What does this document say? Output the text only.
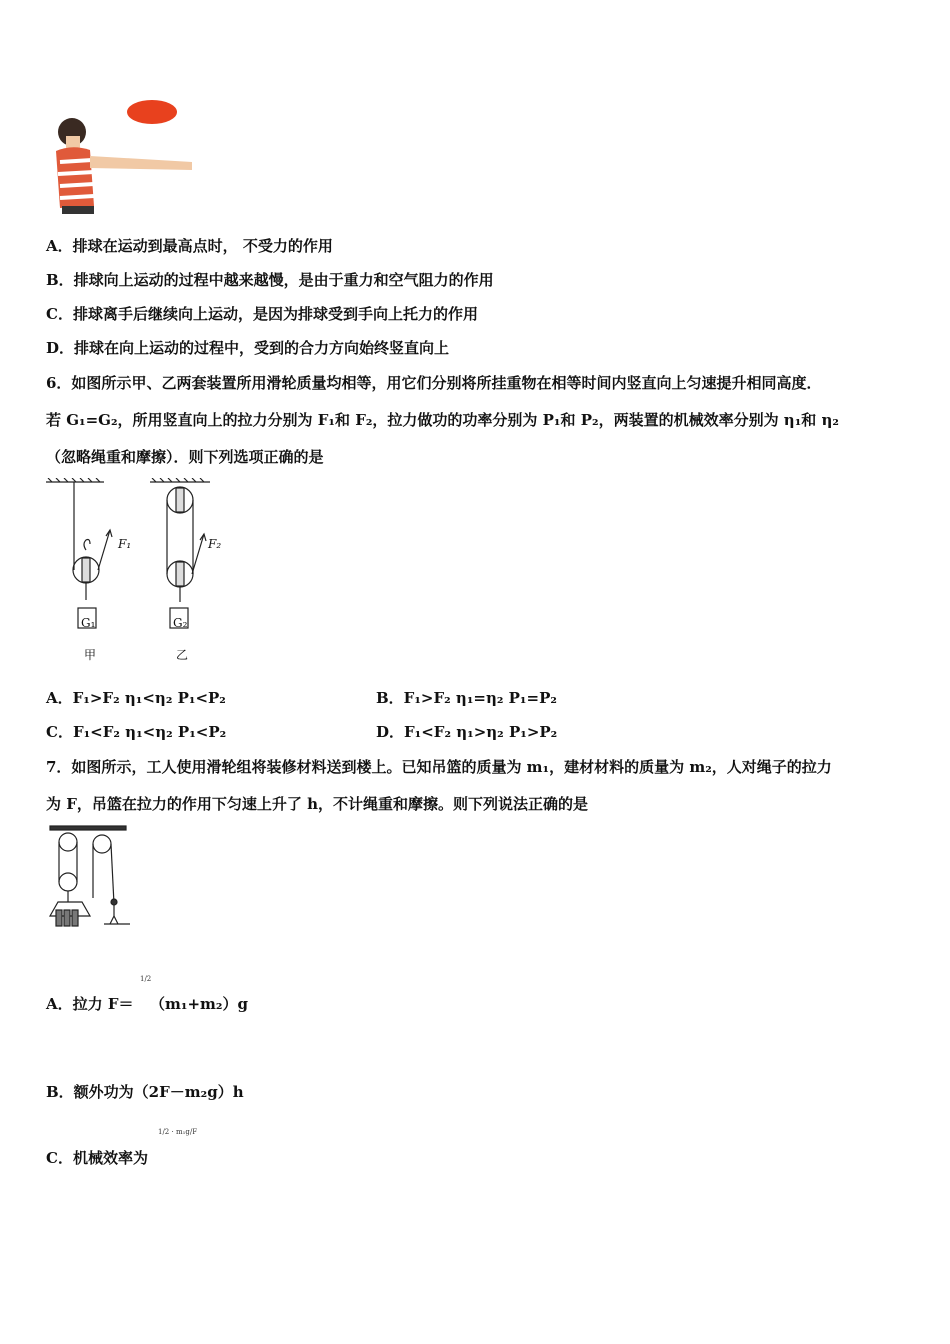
A．排球在运动到最高点时， 不受力的作用
B．排球向上运动的过程中越来越慢，是由于重力和空气阻力的作用
C．排球离手后继续向上运动，是因为排球受到手向上托力的作用
D．排球在向上运动的过程中，受到的合力方向始终竖直向上
6．如图所示甲、乙两套装置所用滑轮质量均相等，用它们分别将所挂重物在相等时间内竖直向上匀速提升相同高度．
若 G₁=G₂，所用竖直向上的拉力分别为 F₁和 F₂，拉力做功的功率分别为 P₁和 P₂，两装置的机械效率分别为 η₁和 η₂
（忽略绳重和摩擦）．则下列选项正确的是
F₁	F₂
G₁	G₂
甲	乙
A．F₁>F₂ η₁<η₂ P₁<P₂	B．F₁>F₂ η₁=η₂ P₁=P₂
C．F₁<F₂ η₁<η₂ P₁<P₂	D．F₁<F₂ η₁>η₂ P₁>P₂
7．如图所示，工人使用滑轮组将装修材料送到楼上。已知吊篮的质量为 m₁，建材材料的质量为 m₂，人对绳子的拉力
为 F，吊篮在拉力的作用下匀速上升了 h，不计绳重和摩擦。则下列说法正确的是
A．拉力 F＝
1/2
（m₁+m₂）g
B．额外功为（2F－m₂g）h
C．机械效率为
1/2 · m₁g/F
